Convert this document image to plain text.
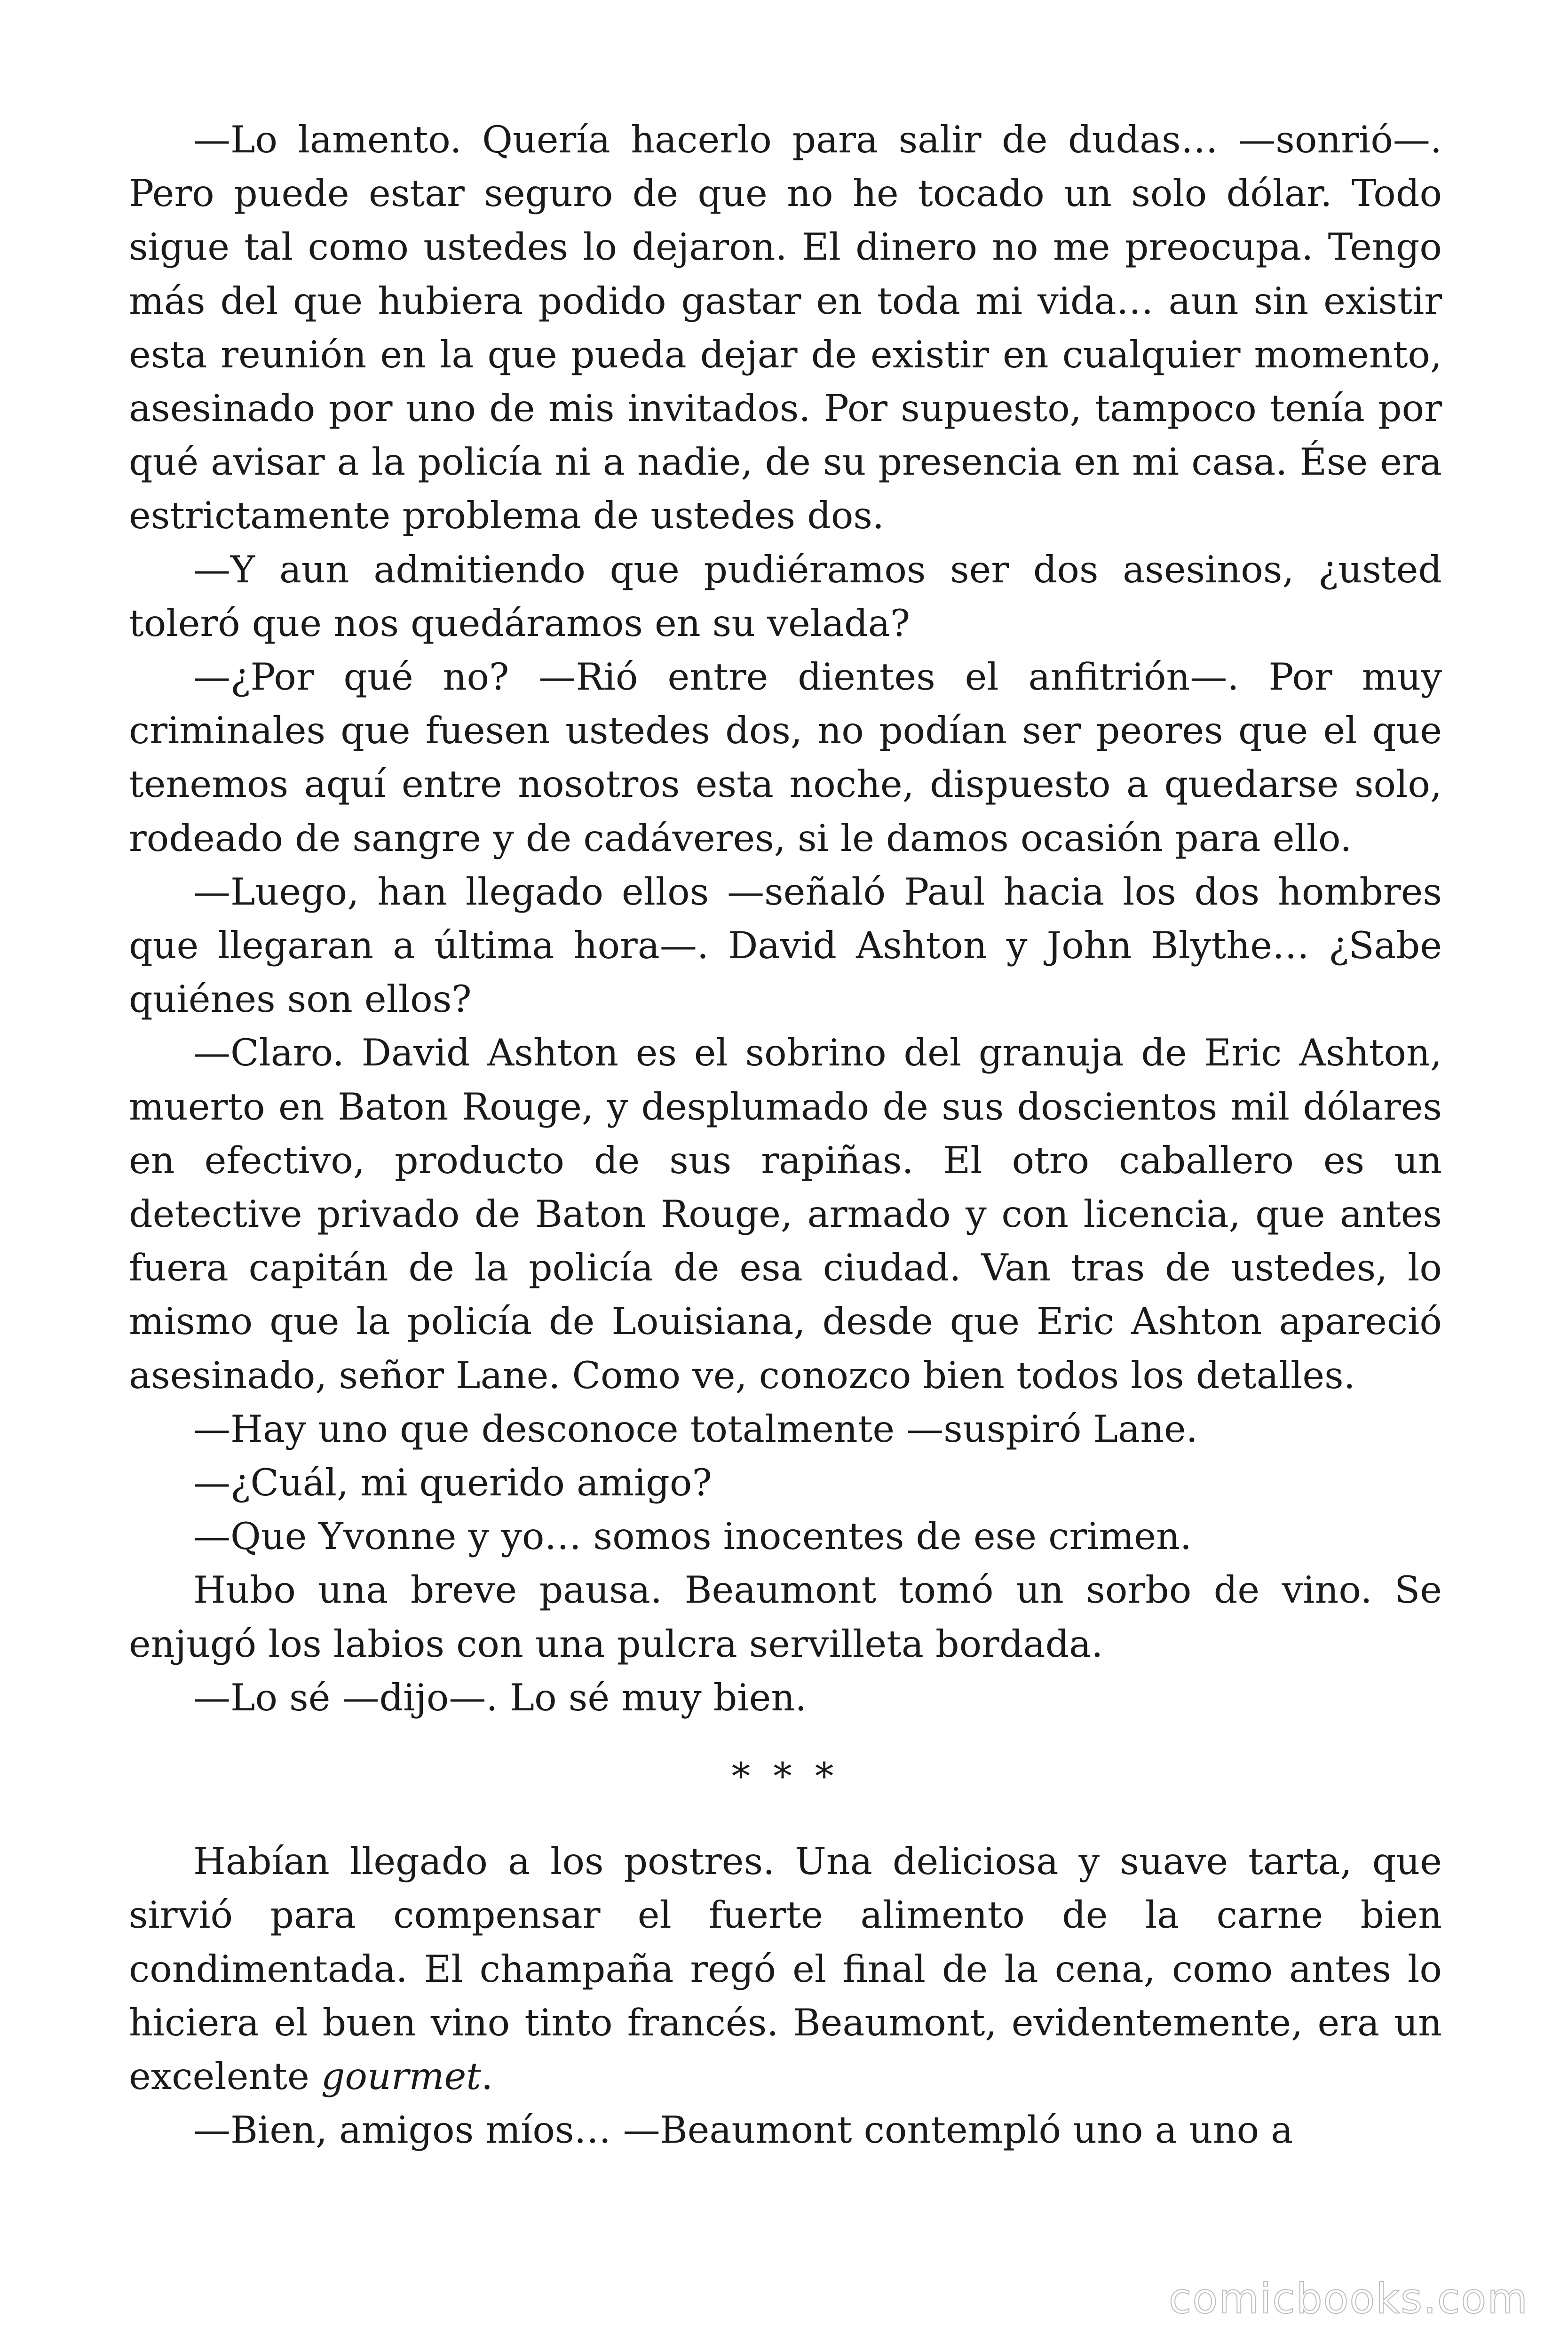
—Lo lamento. Quería hacerlo para salir de dudas… —sonrió—. Pero puede estar seguro de que no he tocado un solo dólar. Todo sigue tal como ustedes lo dejaron. El dinero no me preocupa. Tengo más del que hubiera podido gastar en toda mi vida… aun sin existir esta reunión en la que pueda dejar de existir en cualquier momento, asesinado por uno de mis invitados. Por supuesto, tampoco tenía por qué avisar a la policía ni a nadie, de su presencia en mi casa. Ése era estrictamente problema de ustedes dos.

—Y aun admitiendo que pudiéramos ser dos asesinos, ¿usted toleró que nos quedáramos en su velada?

—¿Por qué no? —Rió entre dientes el anfitrión—. Por muy criminales que fuesen ustedes dos, no podían ser peores que el que tenemos aquí entre nosotros esta noche, dispuesto a quedarse solo, rodeado de sangre y de cadáveres, si le damos ocasión para ello.

—Luego, han llegado ellos —señaló Paul hacia los dos hombres que llegaran a última hora—. David Ashton y John Blythe… ¿Sabe quiénes son ellos?

—Claro. David Ashton es el sobrino del granuja de Eric Ashton, muerto en Baton Rouge, y desplumado de sus doscientos mil dólares en efectivo, producto de sus rapiñas. El otro caballero es un detective privado de Baton Rouge, armado y con licencia, que antes fuera capitán de la policía de esa ciudad. Van tras de ustedes, lo mismo que la policía de Louisiana, desde que Eric Ashton apareció asesinado, señor Lane. Como ve, conozco bien todos los detalles.

—Hay uno que desconoce totalmente —suspiró Lane.

—¿Cuál, mi querido amigo?

—Que Yvonne y yo… somos inocentes de ese crimen.

Hubo una breve pausa. Beaumont tomó un sorbo de vino. Se enjugó los labios con una pulcra servilleta bordada.

—Lo sé —dijo—. Lo sé muy bien.

* * *

Habían llegado a los postres. Una deliciosa y suave tarta, que sirvió para compensar el fuerte alimento de la carne bien condimentada. El champaña regó el final de la cena, como antes lo hiciera el buen vino tinto francés. Beaumont, evidentemente, era un excelente gourmet.

—Bien, amigos míos… —Beaumont contempló uno a uno a

comicbooks.com
